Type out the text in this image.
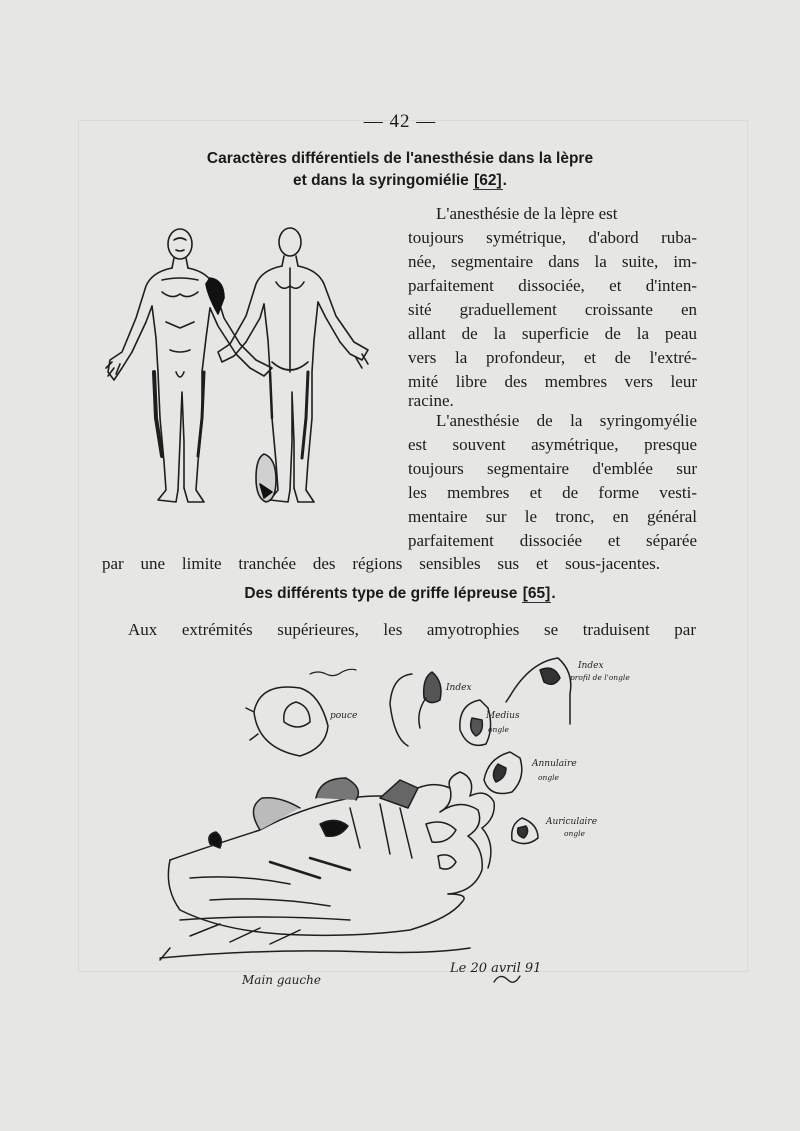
— 42 —
Caractères différentiels de l'anesthésie dans la lèpre
et dans la syringomiélie [62].
L'anesthésie de la lèpre est
toujours symétrique, d'abord ruba-
née, segmentaire dans la suite, im-
parfaitement dissociée, et d'inten-
sité graduellement croissante en
allant de la superficie de la peau
vers la profondeur, et de l'extré-
mité libre des membres vers leur
racine.
L'anesthésie de la syringomyélie
est souvent asymétrique, presque
toujours segmentaire d'emblée sur
les membres et de forme vesti-
mentaire sur le tronc, en général
parfaitement dissociée et séparée
par une limite tranchée des régions sensibles sus et sous-jacentes.
Des différents type de griffe lépreuse [65].
Aux extrémités supérieures, les amyotrophies se traduisent par
pouce
Index
Index
profil de l'ongle
Medius
ongle
Annulaire
ongle
Auriculaire
ongle
Main gauche
Le 20 avril 91
